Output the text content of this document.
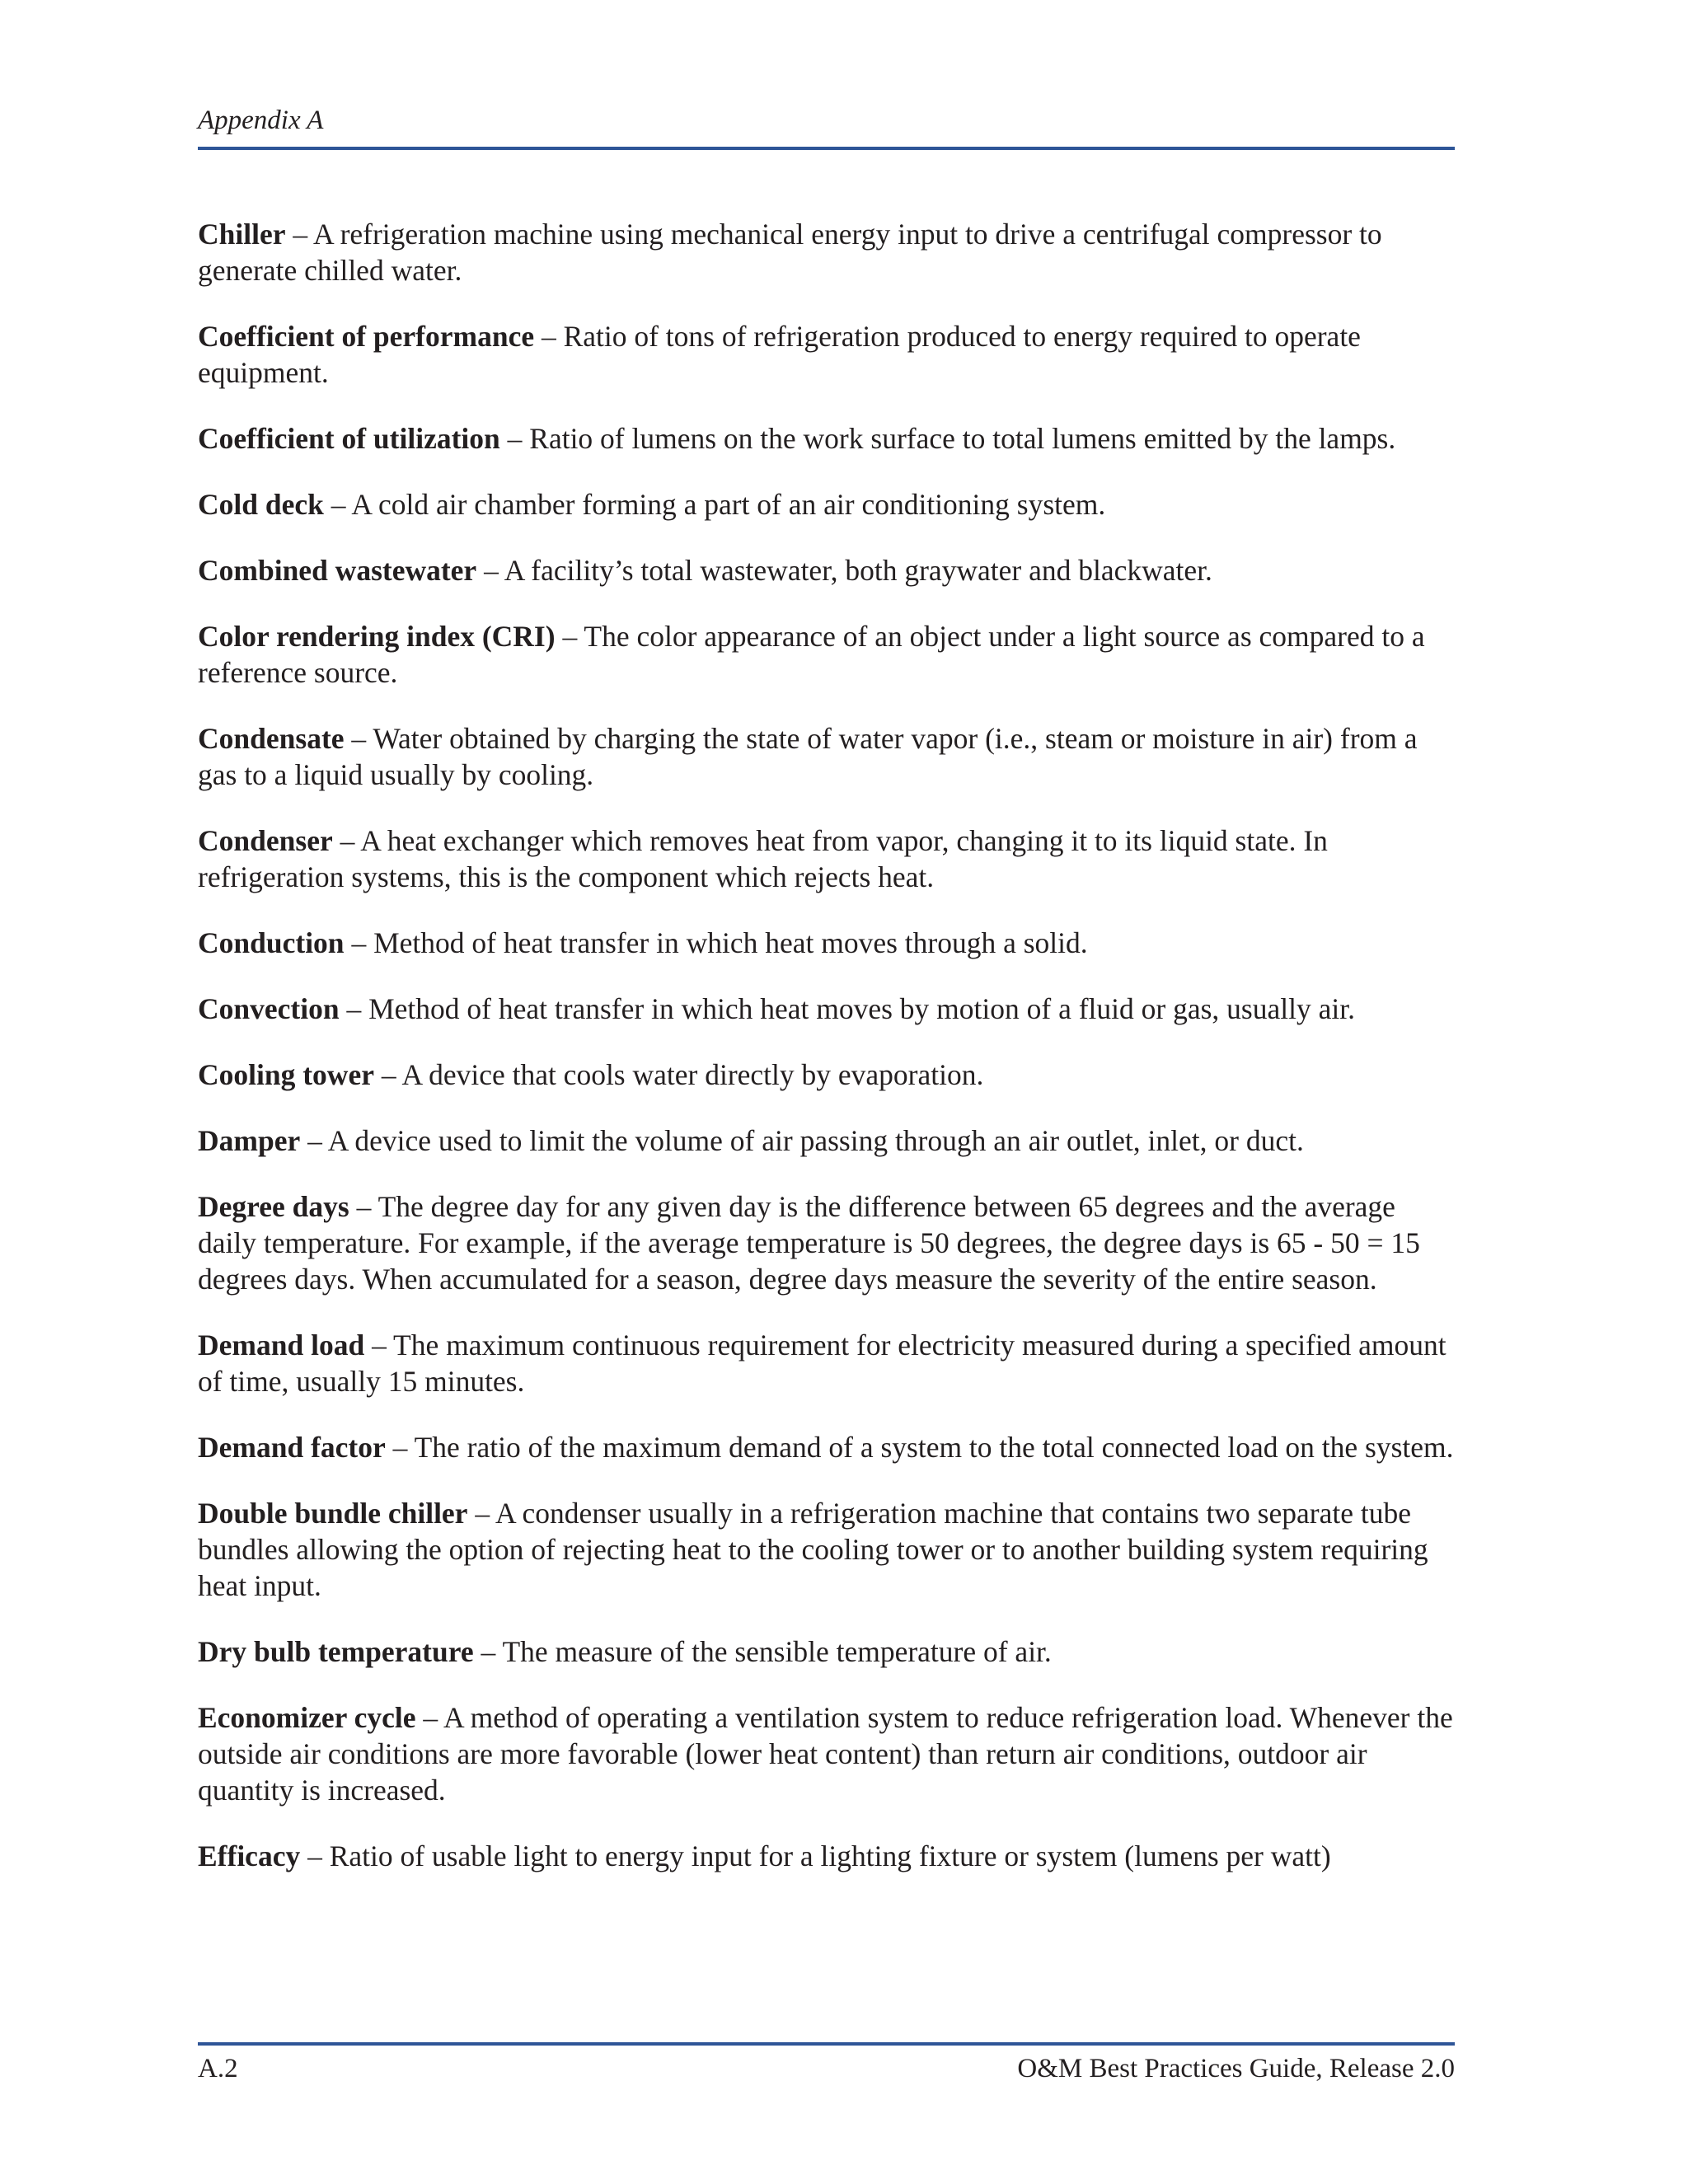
Appendix A

Chiller – A refrigeration machine using mechanical energy input to drive a centrifugal compressor to generate chilled water.

Coefficient of performance – Ratio of tons of refrigeration produced to energy required to operate equipment.

Coefficient of utilization – Ratio of lumens on the work surface to total lumens emitted by the lamps.

Cold deck – A cold air chamber forming a part of an air conditioning system.

Combined wastewater – A facility’s total wastewater, both graywater and blackwater.

Color rendering index (CRI) – The color appearance of an object under a light source as compared to a reference source.

Condensate – Water obtained by charging the state of water vapor (i.e., steam or moisture in air) from a gas to a liquid usually by cooling.

Condenser – A heat exchanger which removes heat from vapor, changing it to its liquid state. In refrigeration systems, this is the component which rejects heat.

Conduction – Method of heat transfer in which heat moves through a solid.

Convection – Method of heat transfer in which heat moves by motion of a fluid or gas, usually air.

Cooling tower – A device that cools water directly by evaporation.

Damper – A device used to limit the volume of air passing through an air outlet, inlet, or duct.

Degree days – The degree day for any given day is the difference between 65 degrees and the average daily temperature. For example, if the average temperature is 50 degrees, the degree days is 65 - 50 = 15 degrees days. When accumulated for a season, degree days measure the severity of the entire season.

Demand load – The maximum continuous requirement for electricity measured during a specified amount of time, usually 15 minutes.

Demand factor – The ratio of the maximum demand of a system to the total connected load on the system.

Double bundle chiller – A condenser usually in a refrigeration machine that contains two separate tube bundles allowing the option of rejecting heat to the cooling tower or to another building system requiring heat input.

Dry bulb temperature – The measure of the sensible temperature of air.

Economizer cycle – A method of operating a ventilation system to reduce refrigeration load. Whenever the outside air conditions are more favorable (lower heat content) than return air conditions, outdoor air quantity is increased.

Efficacy – Ratio of usable light to energy input for a lighting fixture or system (lumens per watt)

A.2	O&M Best Practices Guide, Release 2.0
